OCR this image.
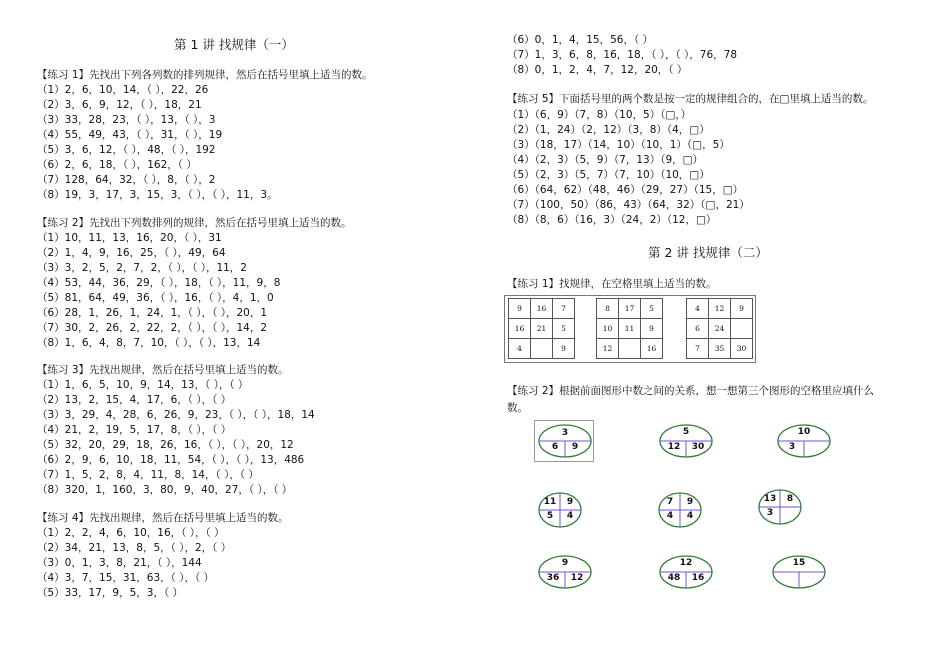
第 1 讲 找规律（一）
【练习 1】先找出下列各列数的排列规律，然后在括号里填上适当的数。
（1）2，6，10，14，（ ），22，26
（2）3，6，9，12，（ ），18，21
（3）33，28，23，（ ），13，（ ），3
（4）55，49，43，（ ），31，（ ），19
（5）3，6，12，（ ），48，（ ），192
（6）2，6，18，（ ），162，（ ）
（7）128，64，32，（ ），8，（ ），2
（8）19，3，17，3，15，3，（ ），（ ），11，3。
【练习 2】先找出下列数排列的规律，然后在括号里填上适当的数。
（1）10，11，13，16，20，（ ），31
（2）1，4，9，16，25，（ ），49，64
（3）3，2，5，2，7，2，（ ），（ ），11，2
（4）53，44，36，29，（ ），18，（ ），11，9，8
（5）81，64，49，36，（ ），16，（ ），4，1，0
（6）28，1，26，1，24，1，（ ），（ ），20，1
（7）30，2，26，2，22，2，（ ），（ ），14，2
（8）1，6，4，8，7，10，（ ），（ ），13，14
【练习 3】先找出规律，然后在括号里填上适当的数。
（1）1，6，5，10，9，14，13，（ ），（ ）
（2）13，2，15，4，17，6，（ ），（ ）
（3）3，29，4，28，6，26，9，23，（ ），（ ），18，14
（4）21，2，19，5，17，8，（ ），（ ）
（5）32，20，29，18，26，16，（ ），（ ），20，12
（6）2，9，6，10，18，11，54，（ ），（ ），13，486
（7）1，5，2，8，4，11，8，14，（ ），（ ）
（8）320，1，160，3，80，9，40，27，（ ），（ ）
【练习 4】先找出规律，然后在括号里填上适当的数。
（1）2，2，4，6，10，16，（ ），（ ）
（2）34，21，13，8，5，（ ），2，（ ）
（3）0，1，3，8，21，（ ），144
（4）3，7，15，31，63，（ ），（ ）
（5）33，17，9，5，3，（ ）
（6）0，1，4，15，56，（ ）
（7）1，3，6，8，16，18，（ ），（ ），76，78
（8）0，1，2，4，7，12，20，（ ）
【练习 5】下面括号里的两个数是按一定的规律组合的，在□里填上适当的数。
（1）（6，9）（7，8）（10，5）（□，）
（2）（1，24）（2，12）（3，8）（4，□）
（3）（18，17）（14，10）（10，1）（□，5）
（4）（2，3）（5，9）（7，13）（9，□）
（5）（2，3）（5，7）（7，10）（10，□）
（6）（64，62）（48，46）（29，27）（15，□）
（7）（100，50）（86，43）（64，32）（□，21）
（8）（8，6）（16，3）（24，2）（12，□）
第 2 讲 找规律（二）
【练习 1】找规律，在空格里填上适当的数。
9	16	7
16	21	5
4		9
8	17	5
10	11	9
12		16
4	12	9
6	24	
7	35	30
【练习 2】根据前面图形中数之间的关系，想一想第三个图形的空格里应填什么
数。
3
6	9
5
12	30
10
3
11	9
5	4
7	9
4	4
13	8
3
9
36	12
12
48	16
15
